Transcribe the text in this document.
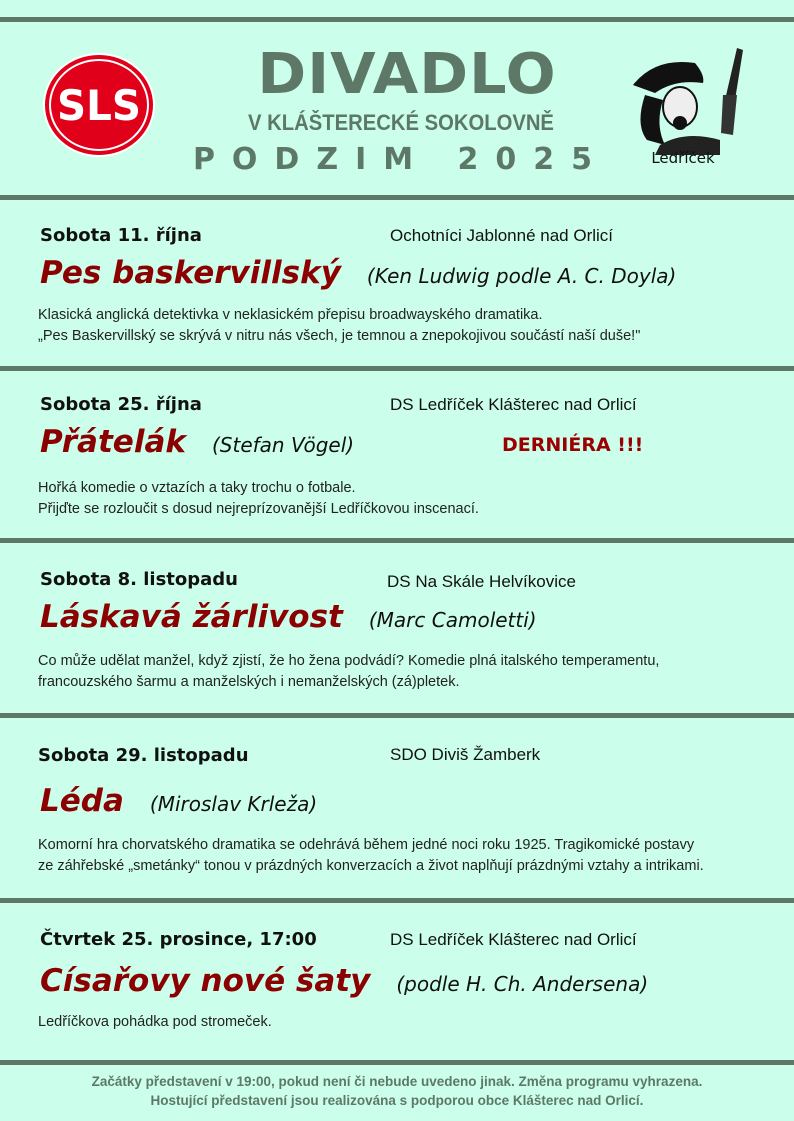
SLS	DIVADLO
V KLÁŠTERECKÉ SOKOLOVNĚ
PODZIM 2025	Ledříček
Sobota 11. října	Ochotníci Jablonné nad Orlicí
Pes baskervillský (Ken Ludwig podle A. C. Doyla)
Klasická anglická detektivka v neklasickém přepisu broadwayského dramatika.
„Pes Baskervillský se skrývá v nitru nás všech, je temnou a znepokojivou součástí naší duše!"
Sobota 25. října	DS Ledříček Klášterec nad Orlicí
Přátelák (Stefan Vögel)	DERNIÉRA !!!
Hořká komedie o vztazích a taky trochu o fotbale.
Přijďte se rozloučit s dosud nejreprízovanější Ledříčkovou inscenací.
Sobota 8. listopadu	DS Na Skále Helvíkovice
Láskavá žárlivost (Marc Camoletti)
Co může udělat manžel, když zjistí, že ho žena podvádí? Komedie plná italského temperamentu,
francouzského šarmu a manželských i nemanželských (zá)pletek.
Sobota 29. listopadu	SDO Diviš Žamberk
Léda (Miroslav Krleža)
Komorní hra chorvatského dramatika se odehrává během jedné noci roku 1925. Tragikomické postavy
ze záhřebské „smetánky“ tonou v prázdných konverzacích a život naplňují prázdnými vztahy a intrikami.
Čtvrtek 25. prosince, 17:00	DS Ledříček Klášterec nad Orlicí
Císařovy nové šaty (podle H. Ch. Andersena)
Ledříčkova pohádka pod stromeček.
Začátky představení v 19:00, pokud není či nebude uvedeno jinak. Změna programu vyhrazena.
Hostující představení jsou realizována s podporou obce Klášterec nad Orlicí.
